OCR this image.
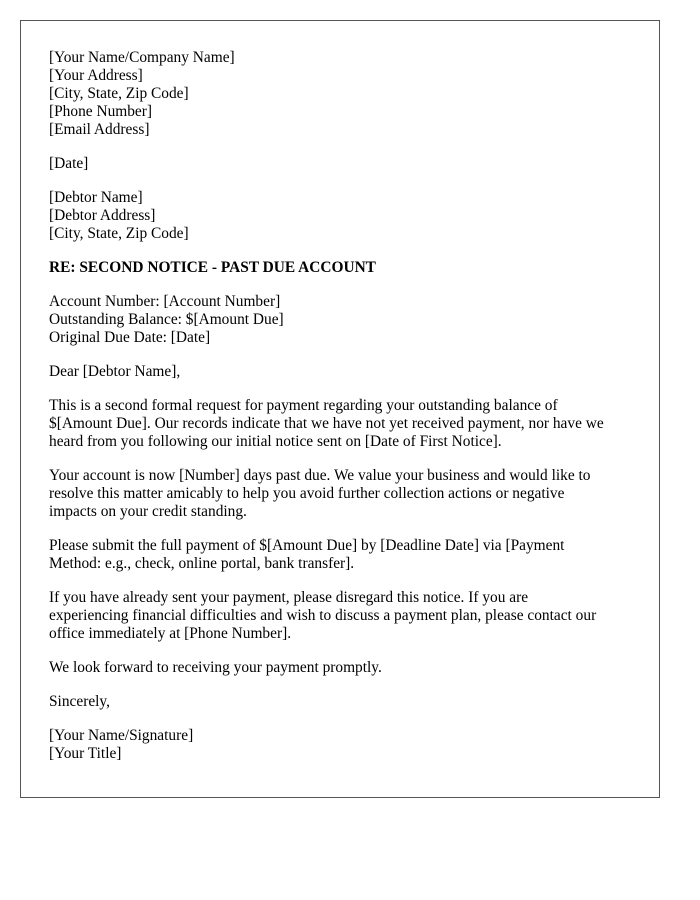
[Your Name/Company Name]
[Your Address]
[City, State, Zip Code]
[Phone Number]
[Email Address]
[Date]
[Debtor Name]
[Debtor Address]
[City, State, Zip Code]
RE: SECOND NOTICE - PAST DUE ACCOUNT
Account Number: [Account Number]
Outstanding Balance: $[Amount Due]
Original Due Date: [Date]
Dear [Debtor Name],
This is a second formal request for payment regarding your outstanding balance of
$[Amount Due]. Our records indicate that we have not yet received payment, nor have we
heard from you following our initial notice sent on [Date of First Notice].
Your account is now [Number] days past due. We value your business and would like to
resolve this matter amicably to help you avoid further collection actions or negative
impacts on your credit standing.
Please submit the full payment of $[Amount Due] by [Deadline Date] via [Payment
Method: e.g., check, online portal, bank transfer].
If you have already sent your payment, please disregard this notice. If you are
experiencing financial difficulties and wish to discuss a payment plan, please contact our
office immediately at [Phone Number].
We look forward to receiving your payment promptly.
Sincerely,
[Your Name/Signature]
[Your Title]
